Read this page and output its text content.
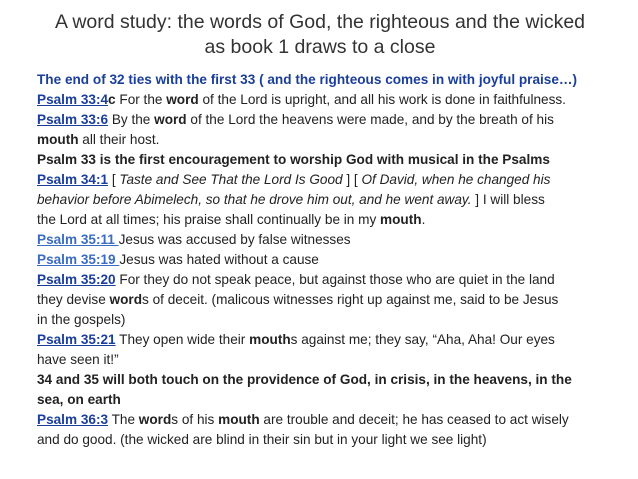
A word study: the words of God, the righteous and the wicked
as book 1 draws to a close

The end of 32 ties with the first 33 ( and the righteous comes in with joyful praise…)

Psalm 33:4c For the word of the Lord is upright, and all his work is done in faithfulness.

Psalm 33:6 By the word of the Lord the heavens were made, and by the breath of his
mouth all their host.

Psalm 33 is the first encouragement to worship God with musical in the Psalms

Psalm 34:1 [ Taste and See That the Lord Is Good ] [ Of David, when he changed his
behavior before Abimelech, so that he drove him out, and he went away. ] I will bless
the Lord at all times; his praise shall continually be in my mouth.

Psalm 35:11 Jesus was accused by false witnesses

Psalm 35:19 Jesus was hated without a cause

Psalm 35:20 For they do not speak peace, but against those who are quiet in the land
they devise words of deceit. (malicous witnesses right up against me, said to be Jesus
in the gospels)

Psalm 35:21 They open wide their mouths against me; they say, “Aha, Aha! Our eyes
have seen it!”

34 and 35 will both touch on the providence of God, in crisis, in the heavens, in the
sea, on earth

Psalm 36:3 The words of his mouth are trouble and deceit; he has ceased to act wisely
and do good. (the wicked are blind in their sin but in your light we see light)
